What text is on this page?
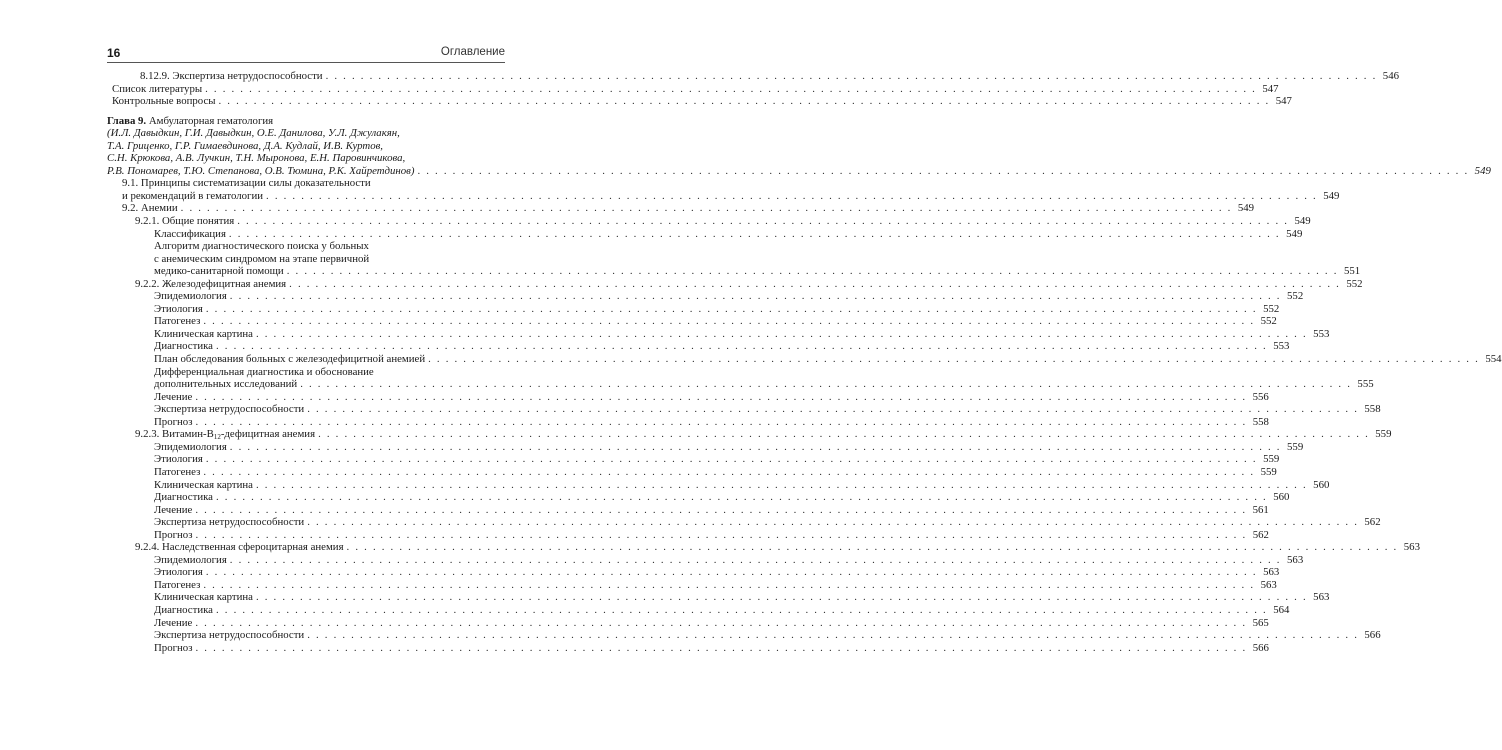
16	Оглавление
8.12.9. Экспертиза нетрудоспособности . . . . . . . . . . . . . . . . . . . . . . . . . . . . . . . . . . . . . . . . . . . . . . . . . . . . . . . . . . . . . . . . . . . . . . . . . . . . . . . . . . . . . . . . . . . . . . . . . . . . . . . . . . . . . . . . . . . . . . . . 546
Список литературы . . . . . . . . . . . . . . . . . . . . . . . . . . . . . . . . . . . . . . . . . . . . . . . . . . . . . . . . . . . . . . . . . . . . . . . . . . . . . . . . . . . . . . . . . . . . . . . . . . . . . . . . . . . . . . . . . . . . . . . . 547
Контрольные вопросы . . . . . . . . . . . . . . . . . . . . . . . . . . . . . . . . . . . . . . . . . . . . . . . . . . . . . . . . . . . . . . . . . . . . . . . . . . . . . . . . . . . . . . . . . . . . . . . . . . . . . . . . . . . . . . . . . . . . . . . . 547
Глава 9. Амбулаторная гематология
(И.Л. Давыдкин, Г.И. Давыдкин, О.Е. Данилова, У.Л. Джулакян,
Т.А. Гриценко, Г.Р. Гимаевдинова, Д.А. Кудлай, И.В. Куртов,
С.Н. Крюкова, А.В. Лучкин, Т.Н. Мыронова, Е.Н. Паровинчикова,
Р.В. Пономарев, Т.Ю. Степанова, О.В. Тюмина, Р.К. Хайретдинов) . . . . . . . . . . . . . . . . . . . . . . . . . . . . . . . . . . . . . . . . . . . . . . . . . . . . . . . . . . . . . . . . . . . . . . . . . . . . . . . . . . . . . . . . . . . . . . . . . . . . . . . . . . . . . . . . . . . . . . . . 549
9.1. Принципы систематизации силы доказательности
и рекомендаций в гематологии . . . . . . . . . . . . . . . . . . . . . . . . . . . . . . . . . . . . . . . . . . . . . . . . . . . . . . . . . . . . . . . . . . . . . . . . . . . . . . . . . . . . . . . . . . . . . . . . . . . . . . . . . . . . . . . . . . . . . . . . 549
9.2. Анемии . . . . . . . . . . . . . . . . . . . . . . . . . . . . . . . . . . . . . . . . . . . . . . . . . . . . . . . . . . . . . . . . . . . . . . . . . . . . . . . . . . . . . . . . . . . . . . . . . . . . . . . . . . . . . . . . . . . . . . . . 549
9.2.1. Общие понятия . . . . . . . . . . . . . . . . . . . . . . . . . . . . . . . . . . . . . . . . . . . . . . . . . . . . . . . . . . . . . . . . . . . . . . . . . . . . . . . . . . . . . . . . . . . . . . . . . . . . . . . . . . . . . . . . . . . . . . . . 549
Классификация . . . . . . . . . . . . . . . . . . . . . . . . . . . . . . . . . . . . . . . . . . . . . . . . . . . . . . . . . . . . . . . . . . . . . . . . . . . . . . . . . . . . . . . . . . . . . . . . . . . . . . . . . . . . . . . . . . . . . . . . 549
Алгоритм диагностического поиска у больных
с анемическим синдромом на этапе первичной
медико-санитарной помощи . . . . . . . . . . . . . . . . . . . . . . . . . . . . . . . . . . . . . . . . . . . . . . . . . . . . . . . . . . . . . . . . . . . . . . . . . . . . . . . . . . . . . . . . . . . . . . . . . . . . . . . . . . . . . . . . . . . . . . . . 551
9.2.2. Железодефицитная анемия . . . . . . . . . . . . . . . . . . . . . . . . . . . . . . . . . . . . . . . . . . . . . . . . . . . . . . . . . . . . . . . . . . . . . . . . . . . . . . . . . . . . . . . . . . . . . . . . . . . . . . . . . . . . . . . . . . . . . . . . 552
Эпидемиология . . . . . . . . . . . . . . . . . . . . . . . . . . . . . . . . . . . . . . . . . . . . . . . . . . . . . . . . . . . . . . . . . . . . . . . . . . . . . . . . . . . . . . . . . . . . . . . . . . . . . . . . . . . . . . . . . . . . . . . . 552
Этиология . . . . . . . . . . . . . . . . . . . . . . . . . . . . . . . . . . . . . . . . . . . . . . . . . . . . . . . . . . . . . . . . . . . . . . . . . . . . . . . . . . . . . . . . . . . . . . . . . . . . . . . . . . . . . . . . . . . . . . . . 552
Патогенез . . . . . . . . . . . . . . . . . . . . . . . . . . . . . . . . . . . . . . . . . . . . . . . . . . . . . . . . . . . . . . . . . . . . . . . . . . . . . . . . . . . . . . . . . . . . . . . . . . . . . . . . . . . . . . . . . . . . . . . . 552
Клиническая картина . . . . . . . . . . . . . . . . . . . . . . . . . . . . . . . . . . . . . . . . . . . . . . . . . . . . . . . . . . . . . . . . . . . . . . . . . . . . . . . . . . . . . . . . . . . . . . . . . . . . . . . . . . . . . . . . . . . . . . . . 553
Диагностика . . . . . . . . . . . . . . . . . . . . . . . . . . . . . . . . . . . . . . . . . . . . . . . . . . . . . . . . . . . . . . . . . . . . . . . . . . . . . . . . . . . . . . . . . . . . . . . . . . . . . . . . . . . . . . . . . . . . . . . . 553
План обследования больных с железодефицитной анемией . . . . . . . . . . . . . . . . . . . . . . . . . . . . . . . . . . . . . . . . . . . . . . . . . . . . . . . . . . . . . . . . . . . . . . . . . . . . . . . . . . . . . . . . . . . . . . . . . . . . . . . . . . . . . . . . . . . . . . . . 554
Дифференциальная диагностика и обоснование
дополнительных исследований . . . . . . . . . . . . . . . . . . . . . . . . . . . . . . . . . . . . . . . . . . . . . . . . . . . . . . . . . . . . . . . . . . . . . . . . . . . . . . . . . . . . . . . . . . . . . . . . . . . . . . . . . . . . . . . . . . . . . . . . 555
Лечение . . . . . . . . . . . . . . . . . . . . . . . . . . . . . . . . . . . . . . . . . . . . . . . . . . . . . . . . . . . . . . . . . . . . . . . . . . . . . . . . . . . . . . . . . . . . . . . . . . . . . . . . . . . . . . . . . . . . . . . . 556
Экспертиза нетрудоспособности . . . . . . . . . . . . . . . . . . . . . . . . . . . . . . . . . . . . . . . . . . . . . . . . . . . . . . . . . . . . . . . . . . . . . . . . . . . . . . . . . . . . . . . . . . . . . . . . . . . . . . . . . . . . . . . . . . . . . . . . 558
Прогноз . . . . . . . . . . . . . . . . . . . . . . . . . . . . . . . . . . . . . . . . . . . . . . . . . . . . . . . . . . . . . . . . . . . . . . . . . . . . . . . . . . . . . . . . . . . . . . . . . . . . . . . . . . . . . . . . . . . . . . . . 558
9.2.3. Витамин-$В_{12}$-дефицитная анемия . . . . . . . . . . . . . . . . . . . . . . . . . . . . . . . . . . . . . . . . . . . . . . . . . . . . . . . . . . . . . . . . . . . . . . . . . . . . . . . . . . . . . . . . . . . . . . . . . . . . . . . . . . . . . . . . . . . . . . . . 559
Эпидемиология . . . . . . . . . . . . . . . . . . . . . . . . . . . . . . . . . . . . . . . . . . . . . . . . . . . . . . . . . . . . . . . . . . . . . . . . . . . . . . . . . . . . . . . . . . . . . . . . . . . . . . . . . . . . . . . . . . . . . . . . 559
Этиология . . . . . . . . . . . . . . . . . . . . . . . . . . . . . . . . . . . . . . . . . . . . . . . . . . . . . . . . . . . . . . . . . . . . . . . . . . . . . . . . . . . . . . . . . . . . . . . . . . . . . . . . . . . . . . . . . . . . . . . . 559
Патогенез . . . . . . . . . . . . . . . . . . . . . . . . . . . . . . . . . . . . . . . . . . . . . . . . . . . . . . . . . . . . . . . . . . . . . . . . . . . . . . . . . . . . . . . . . . . . . . . . . . . . . . . . . . . . . . . . . . . . . . . . 559
Клиническая картина . . . . . . . . . . . . . . . . . . . . . . . . . . . . . . . . . . . . . . . . . . . . . . . . . . . . . . . . . . . . . . . . . . . . . . . . . . . . . . . . . . . . . . . . . . . . . . . . . . . . . . . . . . . . . . . . . . . . . . . . 560
Диагностика . . . . . . . . . . . . . . . . . . . . . . . . . . . . . . . . . . . . . . . . . . . . . . . . . . . . . . . . . . . . . . . . . . . . . . . . . . . . . . . . . . . . . . . . . . . . . . . . . . . . . . . . . . . . . . . . . . . . . . . . 560
Лечение . . . . . . . . . . . . . . . . . . . . . . . . . . . . . . . . . . . . . . . . . . . . . . . . . . . . . . . . . . . . . . . . . . . . . . . . . . . . . . . . . . . . . . . . . . . . . . . . . . . . . . . . . . . . . . . . . . . . . . . . 561
Экспертиза нетрудоспособности . . . . . . . . . . . . . . . . . . . . . . . . . . . . . . . . . . . . . . . . . . . . . . . . . . . . . . . . . . . . . . . . . . . . . . . . . . . . . . . . . . . . . . . . . . . . . . . . . . . . . . . . . . . . . . . . . . . . . . . . 562
Прогноз . . . . . . . . . . . . . . . . . . . . . . . . . . . . . . . . . . . . . . . . . . . . . . . . . . . . . . . . . . . . . . . . . . . . . . . . . . . . . . . . . . . . . . . . . . . . . . . . . . . . . . . . . . . . . . . . . . . . . . . . 562
9.2.4. Наследственная сфероцитарная анемия . . . . . . . . . . . . . . . . . . . . . . . . . . . . . . . . . . . . . . . . . . . . . . . . . . . . . . . . . . . . . . . . . . . . . . . . . . . . . . . . . . . . . . . . . . . . . . . . . . . . . . . . . . . . . . . . . . . . . . . . 563
Эпидемиология . . . . . . . . . . . . . . . . . . . . . . . . . . . . . . . . . . . . . . . . . . . . . . . . . . . . . . . . . . . . . . . . . . . . . . . . . . . . . . . . . . . . . . . . . . . . . . . . . . . . . . . . . . . . . . . . . . . . . . . . 563
Этиология . . . . . . . . . . . . . . . . . . . . . . . . . . . . . . . . . . . . . . . . . . . . . . . . . . . . . . . . . . . . . . . . . . . . . . . . . . . . . . . . . . . . . . . . . . . . . . . . . . . . . . . . . . . . . . . . . . . . . . . . 563
Патогенез . . . . . . . . . . . . . . . . . . . . . . . . . . . . . . . . . . . . . . . . . . . . . . . . . . . . . . . . . . . . . . . . . . . . . . . . . . . . . . . . . . . . . . . . . . . . . . . . . . . . . . . . . . . . . . . . . . . . . . . . 563
Клиническая картина . . . . . . . . . . . . . . . . . . . . . . . . . . . . . . . . . . . . . . . . . . . . . . . . . . . . . . . . . . . . . . . . . . . . . . . . . . . . . . . . . . . . . . . . . . . . . . . . . . . . . . . . . . . . . . . . . . . . . . . . 563
Диагностика . . . . . . . . . . . . . . . . . . . . . . . . . . . . . . . . . . . . . . . . . . . . . . . . . . . . . . . . . . . . . . . . . . . . . . . . . . . . . . . . . . . . . . . . . . . . . . . . . . . . . . . . . . . . . . . . . . . . . . . . 564
Лечение . . . . . . . . . . . . . . . . . . . . . . . . . . . . . . . . . . . . . . . . . . . . . . . . . . . . . . . . . . . . . . . . . . . . . . . . . . . . . . . . . . . . . . . . . . . . . . . . . . . . . . . . . . . . . . . . . . . . . . . . 565
Экспертиза нетрудоспособности . . . . . . . . . . . . . . . . . . . . . . . . . . . . . . . . . . . . . . . . . . . . . . . . . . . . . . . . . . . . . . . . . . . . . . . . . . . . . . . . . . . . . . . . . . . . . . . . . . . . . . . . . . . . . . . . . . . . . . . . 566
Прогноз . . . . . . . . . . . . . . . . . . . . . . . . . . . . . . . . . . . . . . . . . . . . . . . . . . . . . . . . . . . . . . . . . . . . . . . . . . . . . . . . . . . . . . . . . . . . . . . . . . . . . . . . . . . . . . . . . . . . . . . . 566
